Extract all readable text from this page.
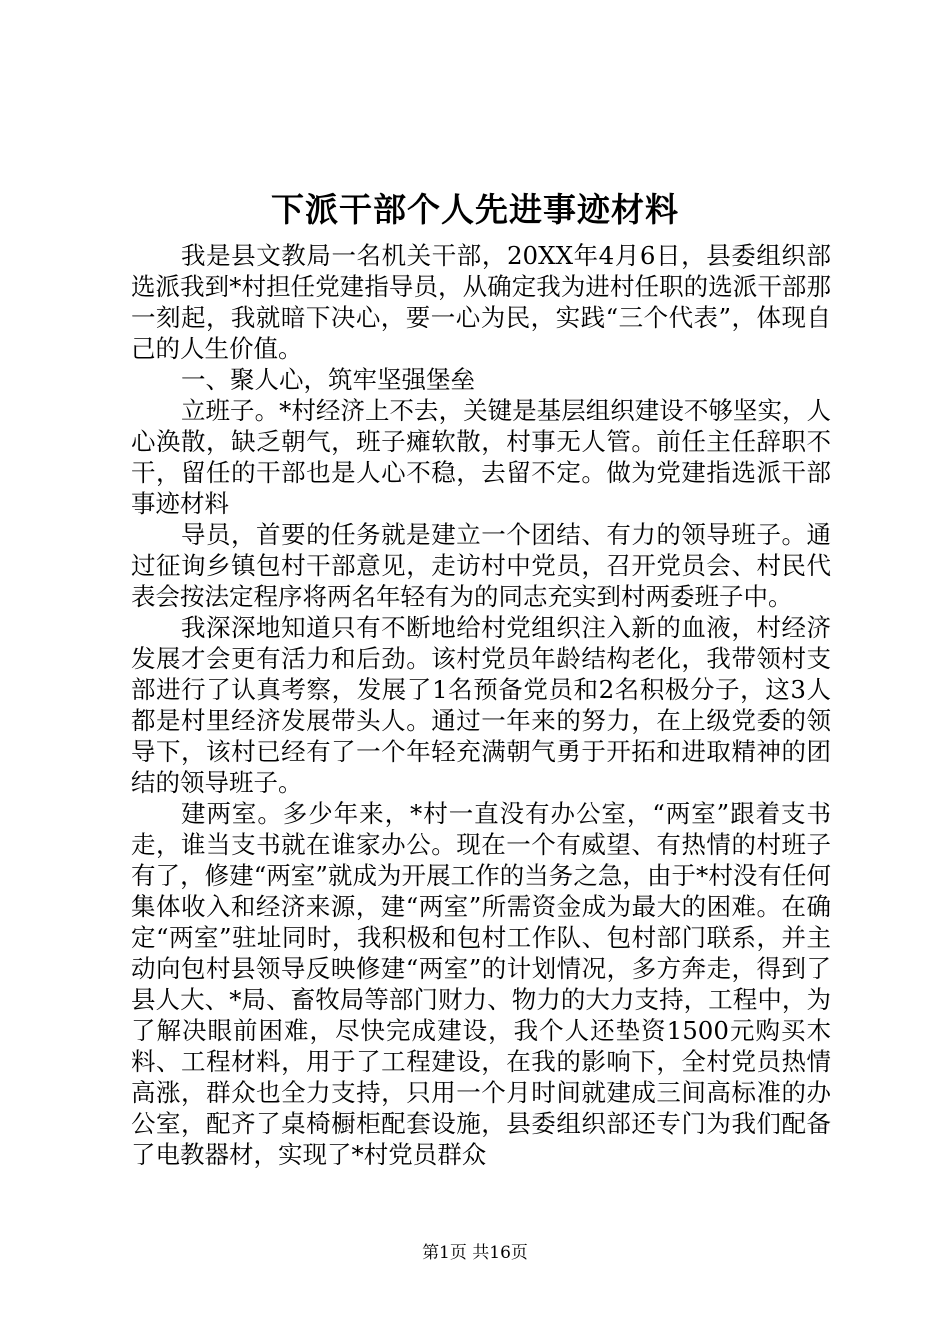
下派干部个人先进事迹材料

我是县文教局一名机关干部，20XX年4月6日，县委组织部选派我到*村担任党建指导员，从确定我为进村任职的选派干部那一刻起，我就暗下决心，要一心为民，实践“三个代表”，体现自己的人生价值。

一、聚人心，筑牢坚强堡垒

立班子。*村经济上不去，关键是基层组织建设不够坚实，人心涣散，缺乏朝气，班子瘫软散，村事无人管。前任主任辞职不干，留任的干部也是人心不稳，去留不定。做为党建指选派干部事迹材料

导员，首要的任务就是建立一个团结、有力的领导班子。通过征询乡镇包村干部意见，走访村中党员，召开党员会、村民代表会按法定程序将两名年轻有为的同志充实到村两委班子中。

我深深地知道只有不断地给村党组织注入新的血液，村经济发展才会更有活力和后劲。该村党员年龄结构老化，我带领村支部进行了认真考察，发展了1名预备党员和2名积极分子，这3人都是村里经济发展带头人。通过一年来的努力，在上级党委的领导下，该村已经有了一个年轻充满朝气勇于开拓和进取精神的团结的领导班子。

建两室。多少年来，*村一直没有办公室，“两室”跟着支书走，谁当支书就在谁家办公。现在一个有威望、有热情的村班子有了，修建“两室”就成为开展工作的当务之急，由于*村没有任何集体收入和经济来源，建“两室”所需资金成为最大的困难。在确定“两室”驻址同时，我积极和包村工作队、包村部门联系，并主动向包村县领导反映修建“两室”的计划情况，多方奔走，得到了县人大、*局、畜牧局等部门财力、物力的大力支持，工程中，为了解决眼前困难，尽快完成建设，我个人还垫资1500元购买木料、工程材料，用于了工程建设，在我的影响下，全村党员热情高涨，群众也全力支持，只用一个月时间就建成三间高标准的办公室，配齐了桌椅橱柜配套设施，县委组织部还专门为我们配备了电教器材，实现了*村党员群众

第1页 共16页
